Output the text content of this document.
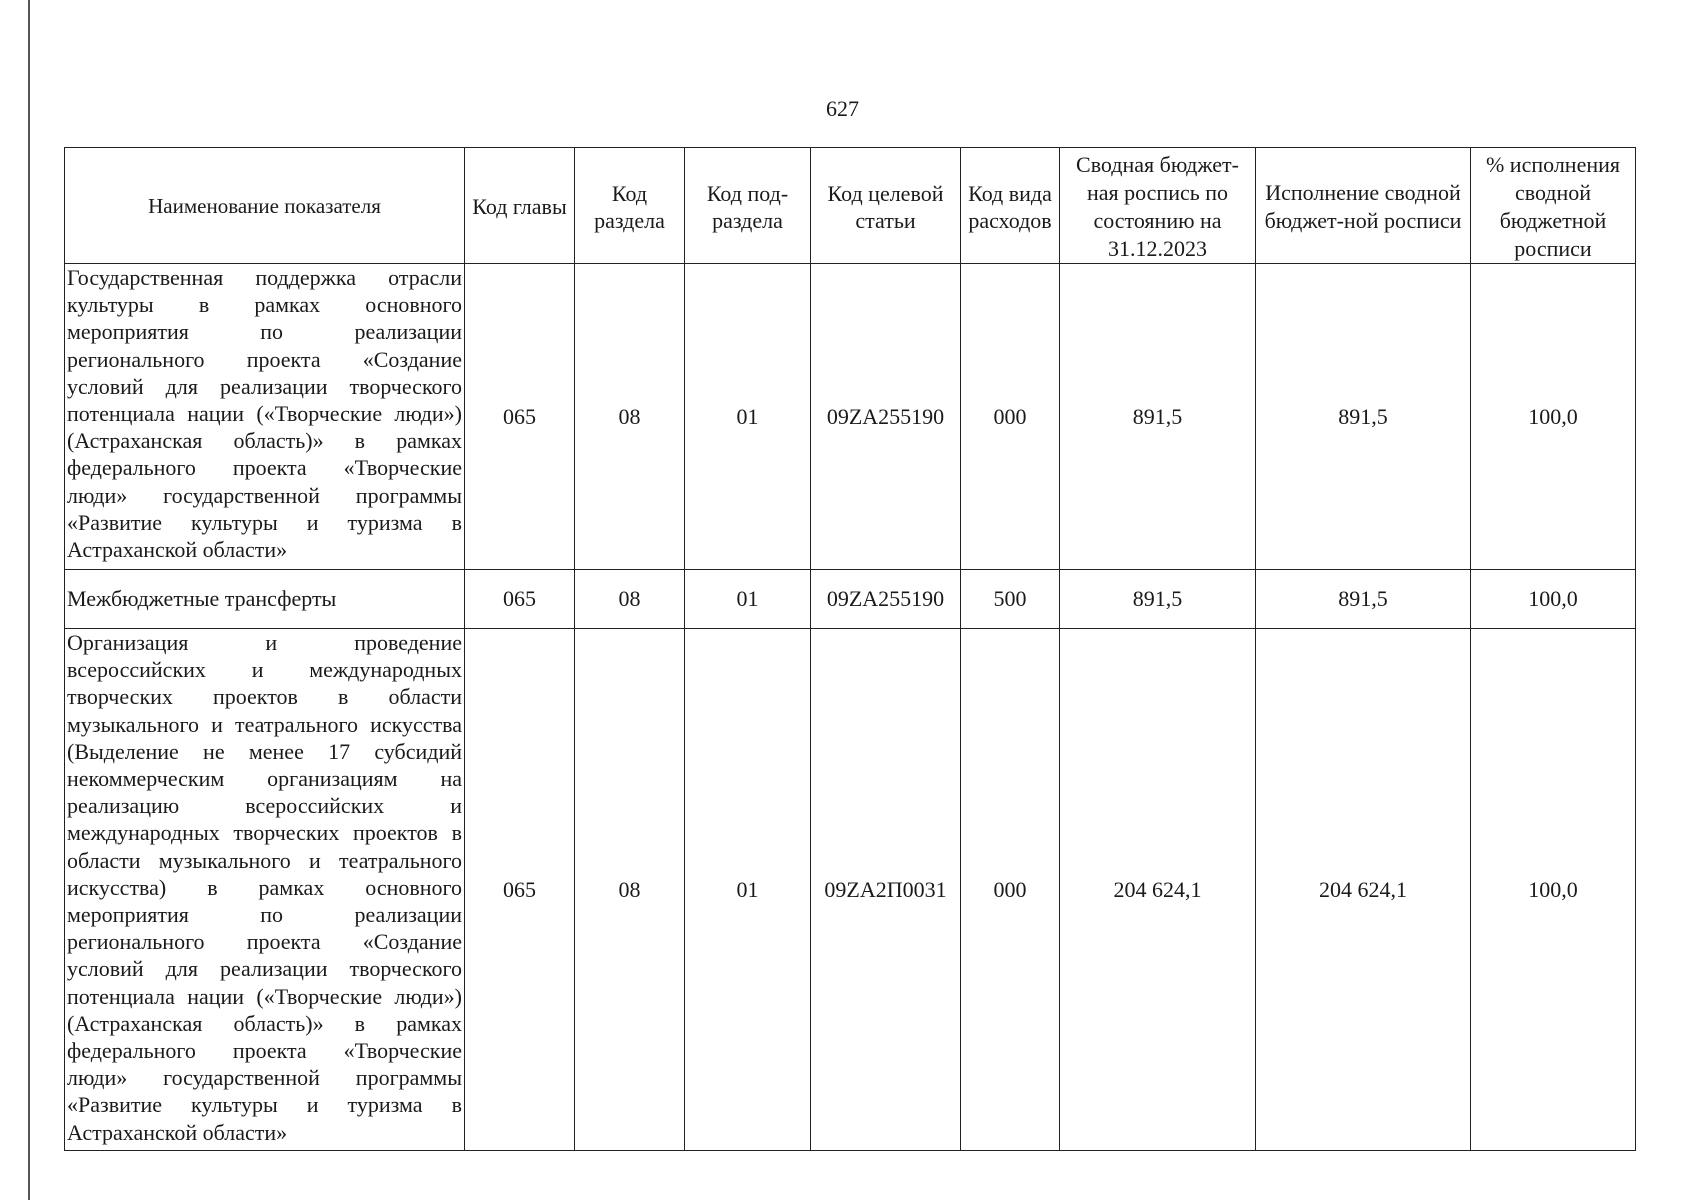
627
Наименование показателя	Код главы	Код раздела	Код под-раздела	Код целевой статьи	Код вида расходов	Сводная бюджет-ная роспись по состоянию на 31.12.2023	Исполнение сводной бюджет-ной росписи	% исполнения сводной бюджетной росписи
Государственная поддержка отрасли культуры в рамках основного мероприятия по реализации регионального проекта «Создание условий для реализации творческого потенциала нации («Творческие люди») (Астраханская область)» в рамках федерального проекта «Творческие люди» государственной программы «Развитие культуры и туризма в Астраханской области»	065	08	01	09ZA255190	000	891,5	891,5	100,0
Межбюджетные трансферты	065	08	01	09ZA255190	500	891,5	891,5	100,0
Организация и проведение всероссийских и международных творческих проектов в области музыкального и театрального искусства (Выделение не менее 17 субсидий некоммерческим организациям на реализацию всероссийских и международных творческих проектов в области музыкального и театрального искусства) в рамках основного мероприятия по реализации регионального проекта «Создание условий для реализации творческого потенциала нации («Творческие люди») (Астраханская область)» в рамках федерального проекта «Творческие люди» государственной программы «Развитие культуры и туризма в Астраханской области»	065	08	01	09ZA2П0031	000	204 624,1	204 624,1	100,0
